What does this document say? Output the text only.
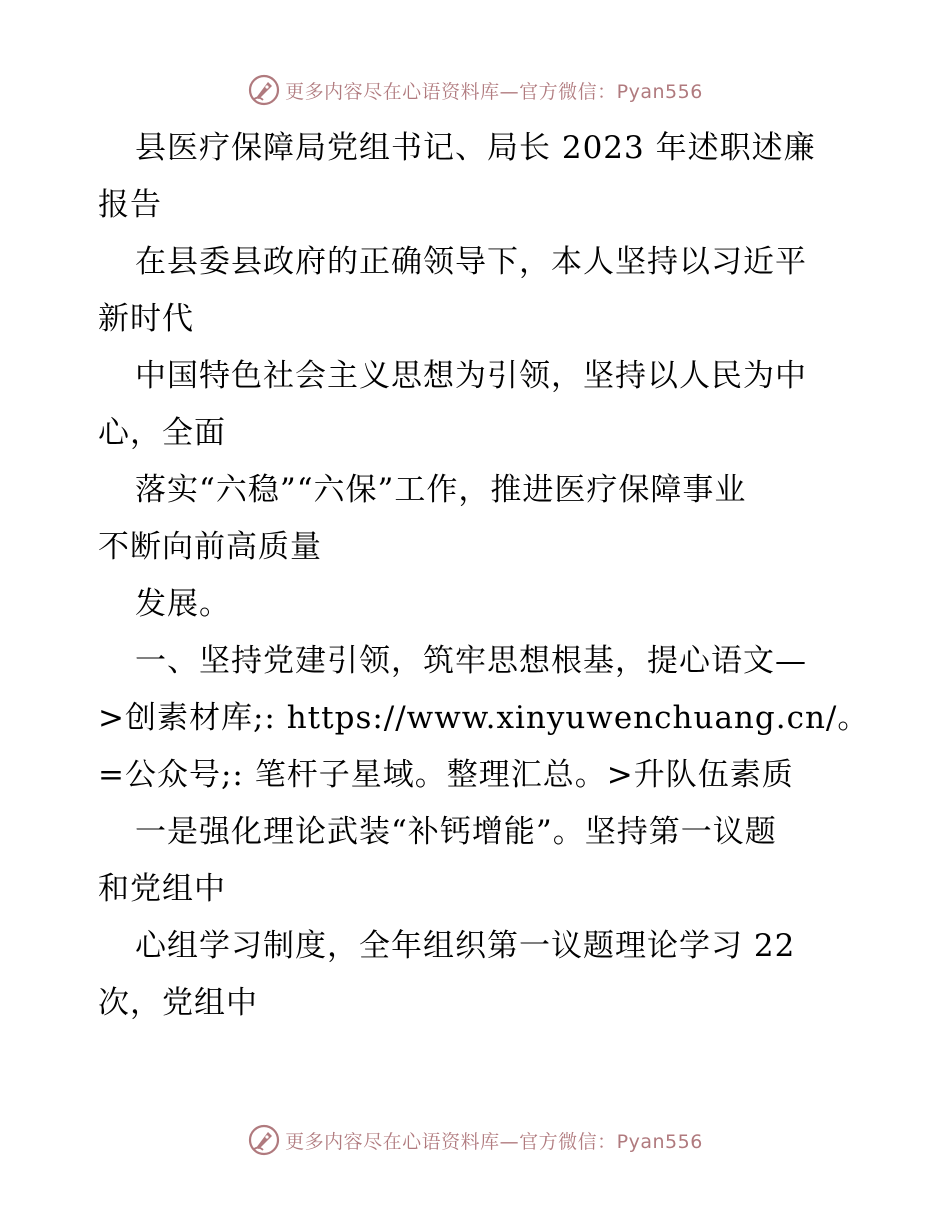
更多内容尽在心语资料库—官方微信：Pyan556
县医疗保障局党组书记、局长 2023 年述职述廉
报告
在县委县政府的正确领导下，本人坚持以习近平
新时代
中国特色社会主义思想为引领，坚持以人民为中
心，全面
落实“六稳”“六保”工作，推进医疗保障事业
不断向前高质量
发展。
一、坚持党建引领，筑牢思想根基，提心语文—
>创素材库;: https://www.xinyuwenchuang.cn/。
=公众号;: 笔杆子星域。整理汇总。>升队伍素质
一是强化理论武装“补钙增能”。坚持第一议题
和党组中
心组学习制度，全年组织第一议题理论学习 22
次，党组中
更多内容尽在心语资料库—官方微信：Pyan556
